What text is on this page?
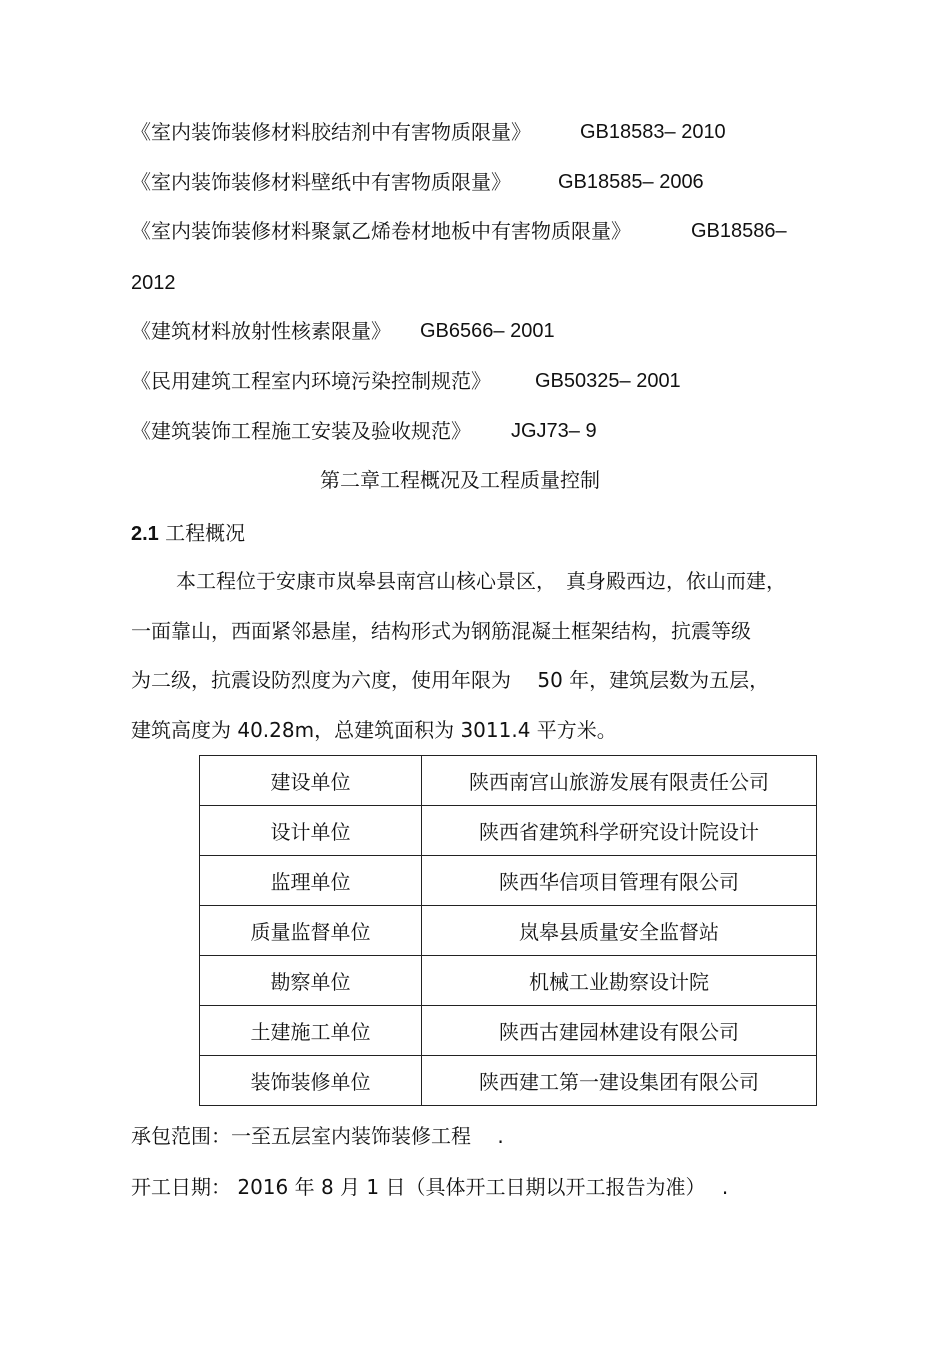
《室内装饰装修材料胶结剂中有害物质限量》 GB18583– 2010
《室内装饰装修材料壁纸中有害物质限量》 GB18585– 2006
《室内装饰装修材料聚氯乙烯卷材地板中有害物质限量》	GB18586–
2012
《建筑材料放射性核素限量》 GB6566– 2001
《民用建筑工程室内环境污染控制规范》 GB50325– 2001
《建筑装饰工程施工安装及验收规范》 JGJ73– 9
第二章工程概况及工程质量控制
2.1 工程概况
本工程位于安康市岚皋县南宫山核心景区，　真身殿西边，依山而建，
一面靠山，西面紧邻悬崖，结构形式为钢筋混凝土框架结构，抗震等级
为二级，抗震设防烈度为六度，使用年限为　 50 年，建筑层数为五层，
建筑高度为 40.28m，总建筑面积为 3011.4 平方米。
建设单位	陕西南宫山旅游发展有限责任公司
设计单位	陕西省建筑科学研究设计院设计
监理单位	陕西华信项目管理有限公司
质量监督单位	岚皋县质量安全监督站
勘察单位	机械工业勘察设计院
土建施工单位	陕西古建园林建设有限公司
装饰装修单位	陕西建工第一建设集团有限公司
承包范围：一至五层室内装饰装修工程　 .
开工日期： 2016 年 8 月 1 日（具体开工日期以开工报告为准）　 .
